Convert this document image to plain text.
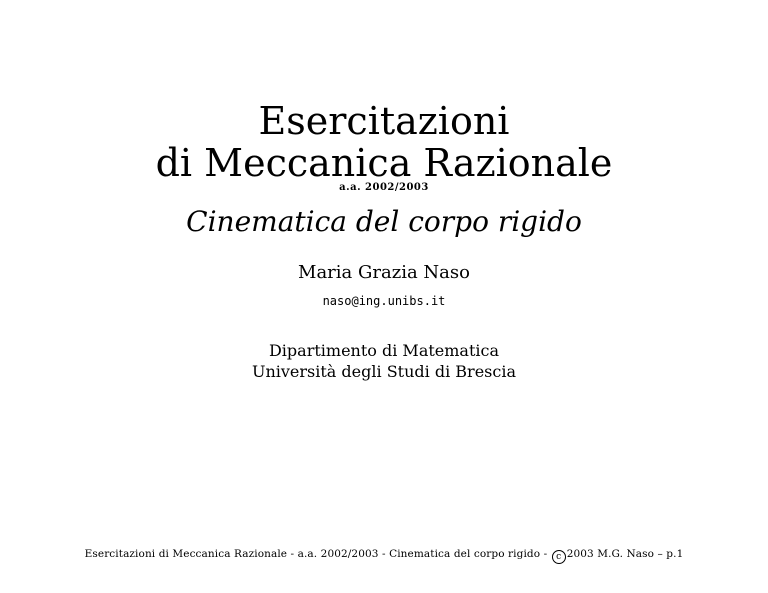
Esercitazioni
di Meccanica Razionale
a.a. 2002/2003
Cinematica del corpo rigido
Maria Grazia Naso
naso@ing.unibs.it
Dipartimento di Matematica
Università degli Studi di Brescia
Esercitazioni di Meccanica Razionale - a.a. 2002/2003 - Cinematica del corpo rigido - c 2003 M.G. Naso – p.1
